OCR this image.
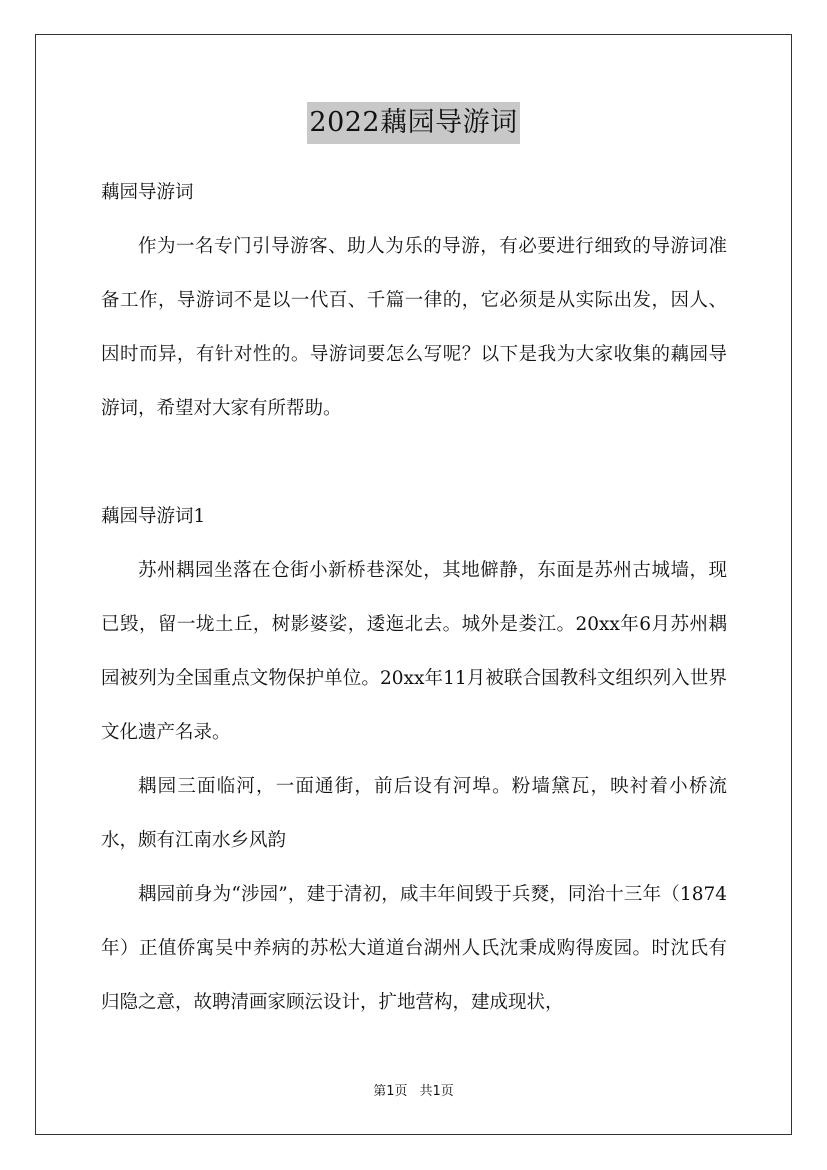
2022藕园导游词

藕园导游词

作为一名专门引导游客、助人为乐的导游，有必要进行细致的导游词准备工作，导游词不是以一代百、千篇一律的，它必须是从实际出发，因人、因时而异，有针对性的。导游词要怎么写呢？以下是我为大家收集的藕园导游词，希望对大家有所帮助。

藕园导游词1

苏州耦园坐落在仓街小新桥巷深处，其地僻静，东面是苏州古城墙，现已毁，留一垅土丘，树影婆娑，逶迤北去。城外是娄江。20xx年6月苏州耦园被列为全国重点文物保护单位。20xx年11月被联合国教科文组织列入世界文化遗产名录。

耦园三面临河，一面通街，前后设有河埠。粉墙黛瓦，映衬着小桥流水，颇有江南水乡风韵

耦园前身为“涉园”，建于清初，咸丰年间毁于兵燹，同治十三年（1874年）正值侨寓吴中养病的苏松大道道台湖州人氏沈秉成购得废园。时沈氏有归隐之意，故聘清画家顾沄设计，扩地营构，建成现状，

第1页 共1页
